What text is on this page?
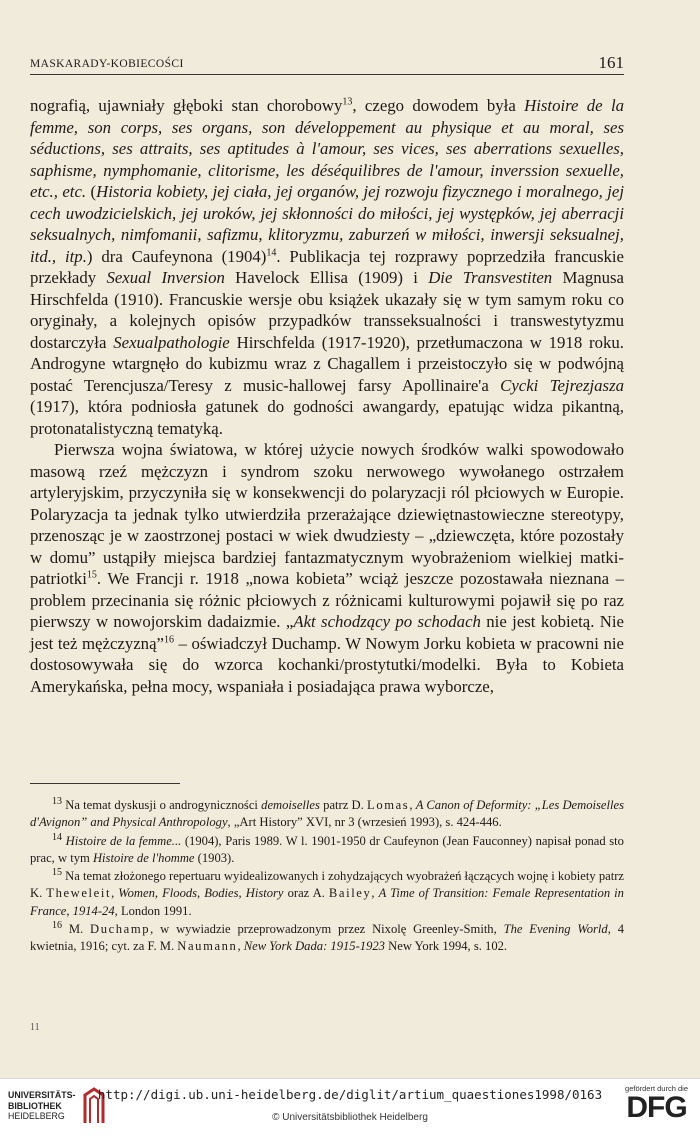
MASKARADY-KOBIECOŚCI	161

nografią, ujawniały głęboki stan chorobowy$^{13}$, czego dowodem była Histoire de la femme, son corps, ses organs, son développement au physique et au moral, ses séductions, ses attraits, ses aptitudes à l'amour, ses vices, ses aberrations sexuelles, saphisme, nymphomanie, clitorisme, les déséquilibres de l'amour, inverssion sexuelle, etc., etc. (Historia kobiety, jej ciała, jej organów, jej rozwoju fizycznego i moralnego, jej cech uwodzicielskich, jej uroków, jej skłonności do miłości, jej występków, jej aberracji seksualnych, nimfomanii, safizmu, klitoryzmu, zaburzeń w miłości, inwersji seksualnej, itd., itp.) dra Caufeynona $(1904)^{14}$. Publikacja tej rozprawy poprzedziła francuskie przekłady Sexual Inversion Havelock Ellisa (1909) i Die Transvestiten Magnusa Hirschfelda (1910). Francuskie wersje obu książek ukazały się w tym samym roku co oryginały, a kolejnych opisów przypadków transseksualności i transwestytyzmu dostarczyła Sexualpathologie Hirschfelda (1917-1920), przetłumaczona w 1918 roku. Androgyne wtargnęło do kubizmu wraz z Chagallem i przeistoczyło się w podwójną postać Terencjusza/Teresy z music-hallowej farsy Apollinaire'a Cycki Tejrezjasza (1917), która podniosła gatunek do godności awangardy, epatując widza pikantną, protonatalistyczną tematyką.

Pierwsza wojna światowa, w której użycie nowych środków walki spowodowało masową rzeź mężczyzn i syndrom szoku nerwowego wywołanego ostrzałem artyleryjskim, przyczyniła się w konsekwencji do polaryzacji ról płciowych w Europie. Polaryzacja ta jednak tylko utwierdziła przerażające dziewiętnastowieczne stereotypy, przenosząc je w zaostrzonej postaci w wiek dwudziesty – „dziewczęta, które pozostały w domu” ustąpiły miejsca bardziej fantazmatycznym wyobrażeniom wielkiej matki-patriotki$^{15}$. We Francji r. 1918 „nowa kobieta” wciąż jeszcze pozostawała nieznana – problem przecinania się różnic płciowych z różnicami kulturowymi pojawił się po raz pierwszy w nowojorskim dadaizmie. „Akt schodzący po schodach nie jest kobietą. Nie jest też mężczyzną”$^{16}$ – oświadczył Duchamp. W Nowym Jorku kobieta w pracowni nie dostosowywała się do wzorca kochanki/prostytutki/modelki. Była to Kobieta Amerykańska, pełna mocy, wspaniała i posiadająca prawa wyborcze,

$^{13}$ Na temat dyskusji o androgyniczności demoiselles patrz D. Lomas, A Canon of Deformity: „Les Demoiselles d'Avignon” and Physical Anthropology, „Art History” XVI, nr 3 (wrzesień 1993), s. 424-446.

$^{14}$ Histoire de la femme... (1904), Paris 1989. W l. 1901-1950 dr Caufeynon (Jean Fauconney) napisał ponad sto prac, w tym Histoire de l'homme (1903).

$^{15}$ Na temat złożonego repertuaru wyidealizowanych i zohydzających wyobrażeń łączących wojnę i kobiety patrz K. Theweleit, Women, Floods, Bodies, History oraz A. Bailey, A Time of Transition: Female Representation in France, 1914-24, London 1991.

$^{16}$ M. Duchamp, w wywiadzie przeprowadzonym przez Nixolę Greenley-Smith, The Evening World, 4 kwietnia, 1916; cyt. za F. M. Naumann, New York Dada: 1915-1923 New York 1994, s. 102.

11
UNIVERSITÄTS-
BIBLIOTHEK
HEIDELBERG
http://digi.ub.uni-heidelberg.de/diglit/artium_quaestiones1998/0163
© Universitätsbibliothek Heidelberg
gefördert durch die
DFG
